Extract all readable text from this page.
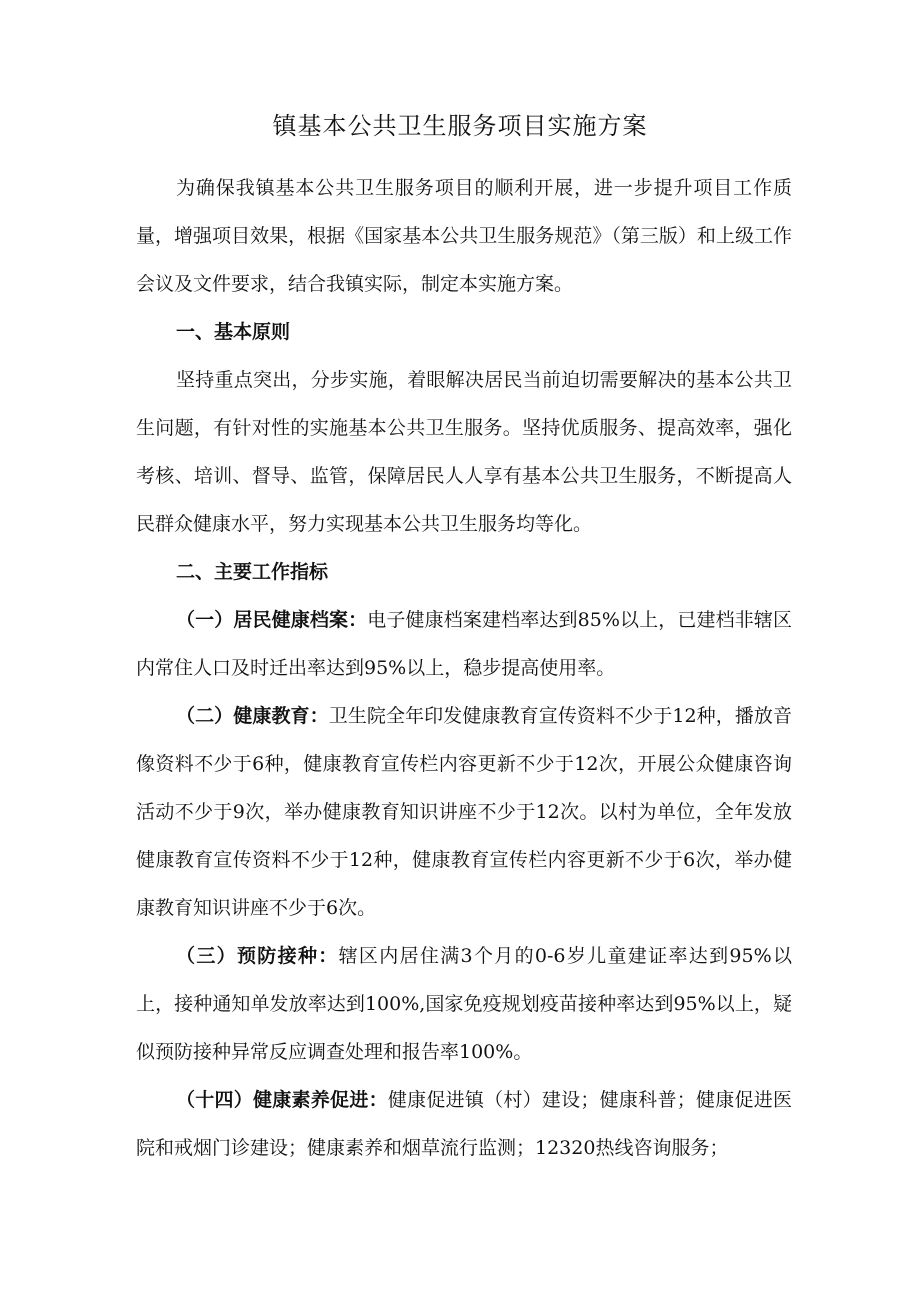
镇基本公共卫生服务项目实施方案

为确保我镇基本公共卫生服务项目的顺利开展，进一步提升项目工作质量，增强项目效果，根据《国家基本公共卫生服务规范》（第三版）和上级工作会议及文件要求，结合我镇实际，制定本实施方案。

一、基本原则

坚持重点突出，分步实施，着眼解决居民当前迫切需要解决的基本公共卫生问题，有针对性的实施基本公共卫生服务。坚持优质服务、提高效率，强化考核、培训、督导、监管，保障居民人人享有基本公共卫生服务，不断提高人民群众健康水平，努力实现基本公共卫生服务均等化。

二、主要工作指标

（一）居民健康档案：电子健康档案建档率达到85%以上，已建档非辖区内常住人口及时迁出率达到95%以上，稳步提高使用率。

（二）健康教育：卫生院全年印发健康教育宣传资料不少于12种，播放音像资料不少于6种，健康教育宣传栏内容更新不少于12次，开展公众健康咨询活动不少于9次，举办健康教育知识讲座不少于12次。以村为单位，全年发放健康教育宣传资料不少于12种，健康教育宣传栏内容更新不少于6次，举办健康教育知识讲座不少于6次。

（三）预防接种：辖区内居住满3个月的0-6岁儿童建证率达到95%以上，接种通知单发放率达到100%,国家免疫规划疫苗接种率达到95%以上，疑似预防接种异常反应调查处理和报告率100%。

（十四）健康素养促进：健康促进镇（村）建设；健康科普；健康促进医院和戒烟门诊建设；健康素养和烟草流行监测；12320热线咨询服务；
